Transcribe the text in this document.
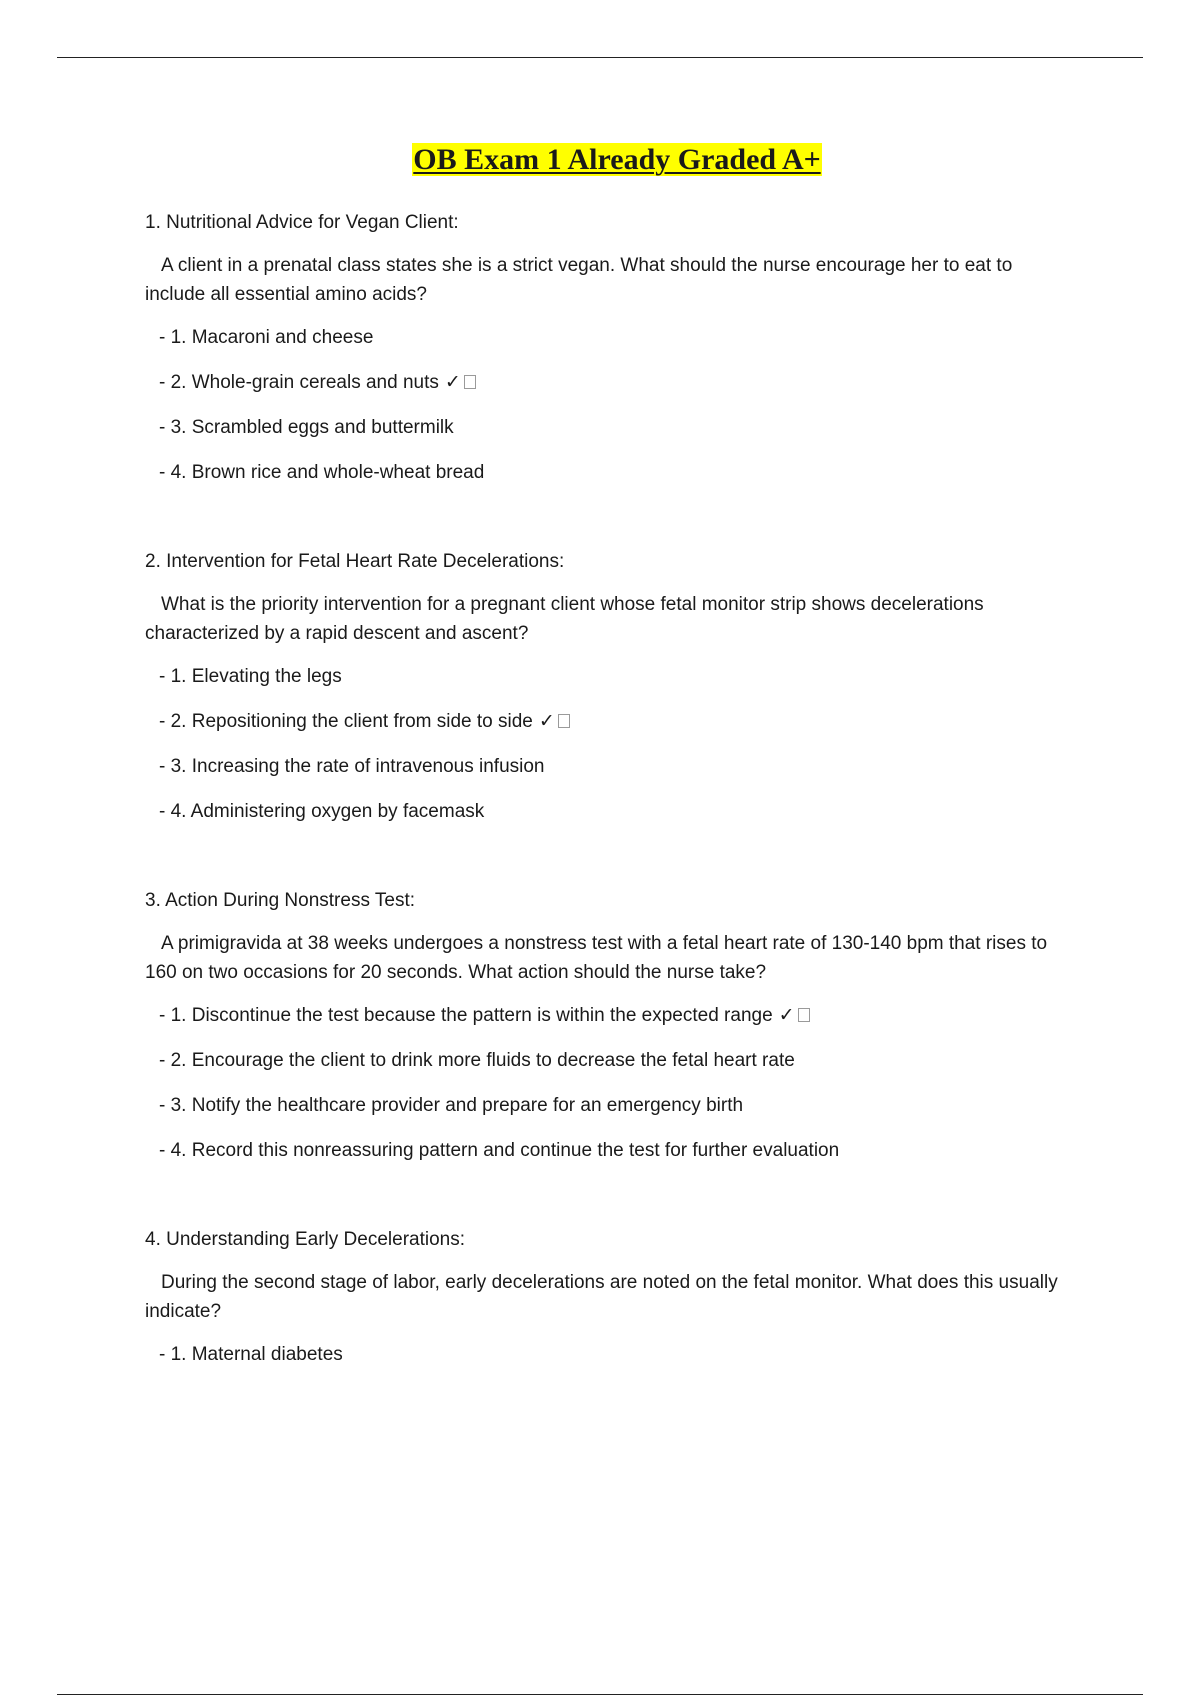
OB Exam 1 Already Graded A+

1. Nutritional Advice for Vegan Client:

A client in a prenatal class states she is a strict vegan. What should the nurse encourage her to eat to include all essential amino acids?

- 1. Macaroni and cheese
- 2. Whole-grain cereals and nuts ✓
- 3. Scrambled eggs and buttermilk
- 4. Brown rice and whole-wheat bread

2. Intervention for Fetal Heart Rate Decelerations:

What is the priority intervention for a pregnant client whose fetal monitor strip shows decelerations characterized by a rapid descent and ascent?

- 1. Elevating the legs
- 2. Repositioning the client from side to side ✓
- 3. Increasing the rate of intravenous infusion
- 4. Administering oxygen by facemask

3. Action During Nonstress Test:

A primigravida at 38 weeks undergoes a nonstress test with a fetal heart rate of 130-140 bpm that rises to 160 on two occasions for 20 seconds. What action should the nurse take?

- 1. Discontinue the test because the pattern is within the expected range ✓
- 2. Encourage the client to drink more fluids to decrease the fetal heart rate
- 3. Notify the healthcare provider and prepare for an emergency birth
- 4. Record this nonreassuring pattern and continue the test for further evaluation

4. Understanding Early Decelerations:

During the second stage of labor, early decelerations are noted on the fetal monitor. What does this usually indicate?

- 1. Maternal diabetes
